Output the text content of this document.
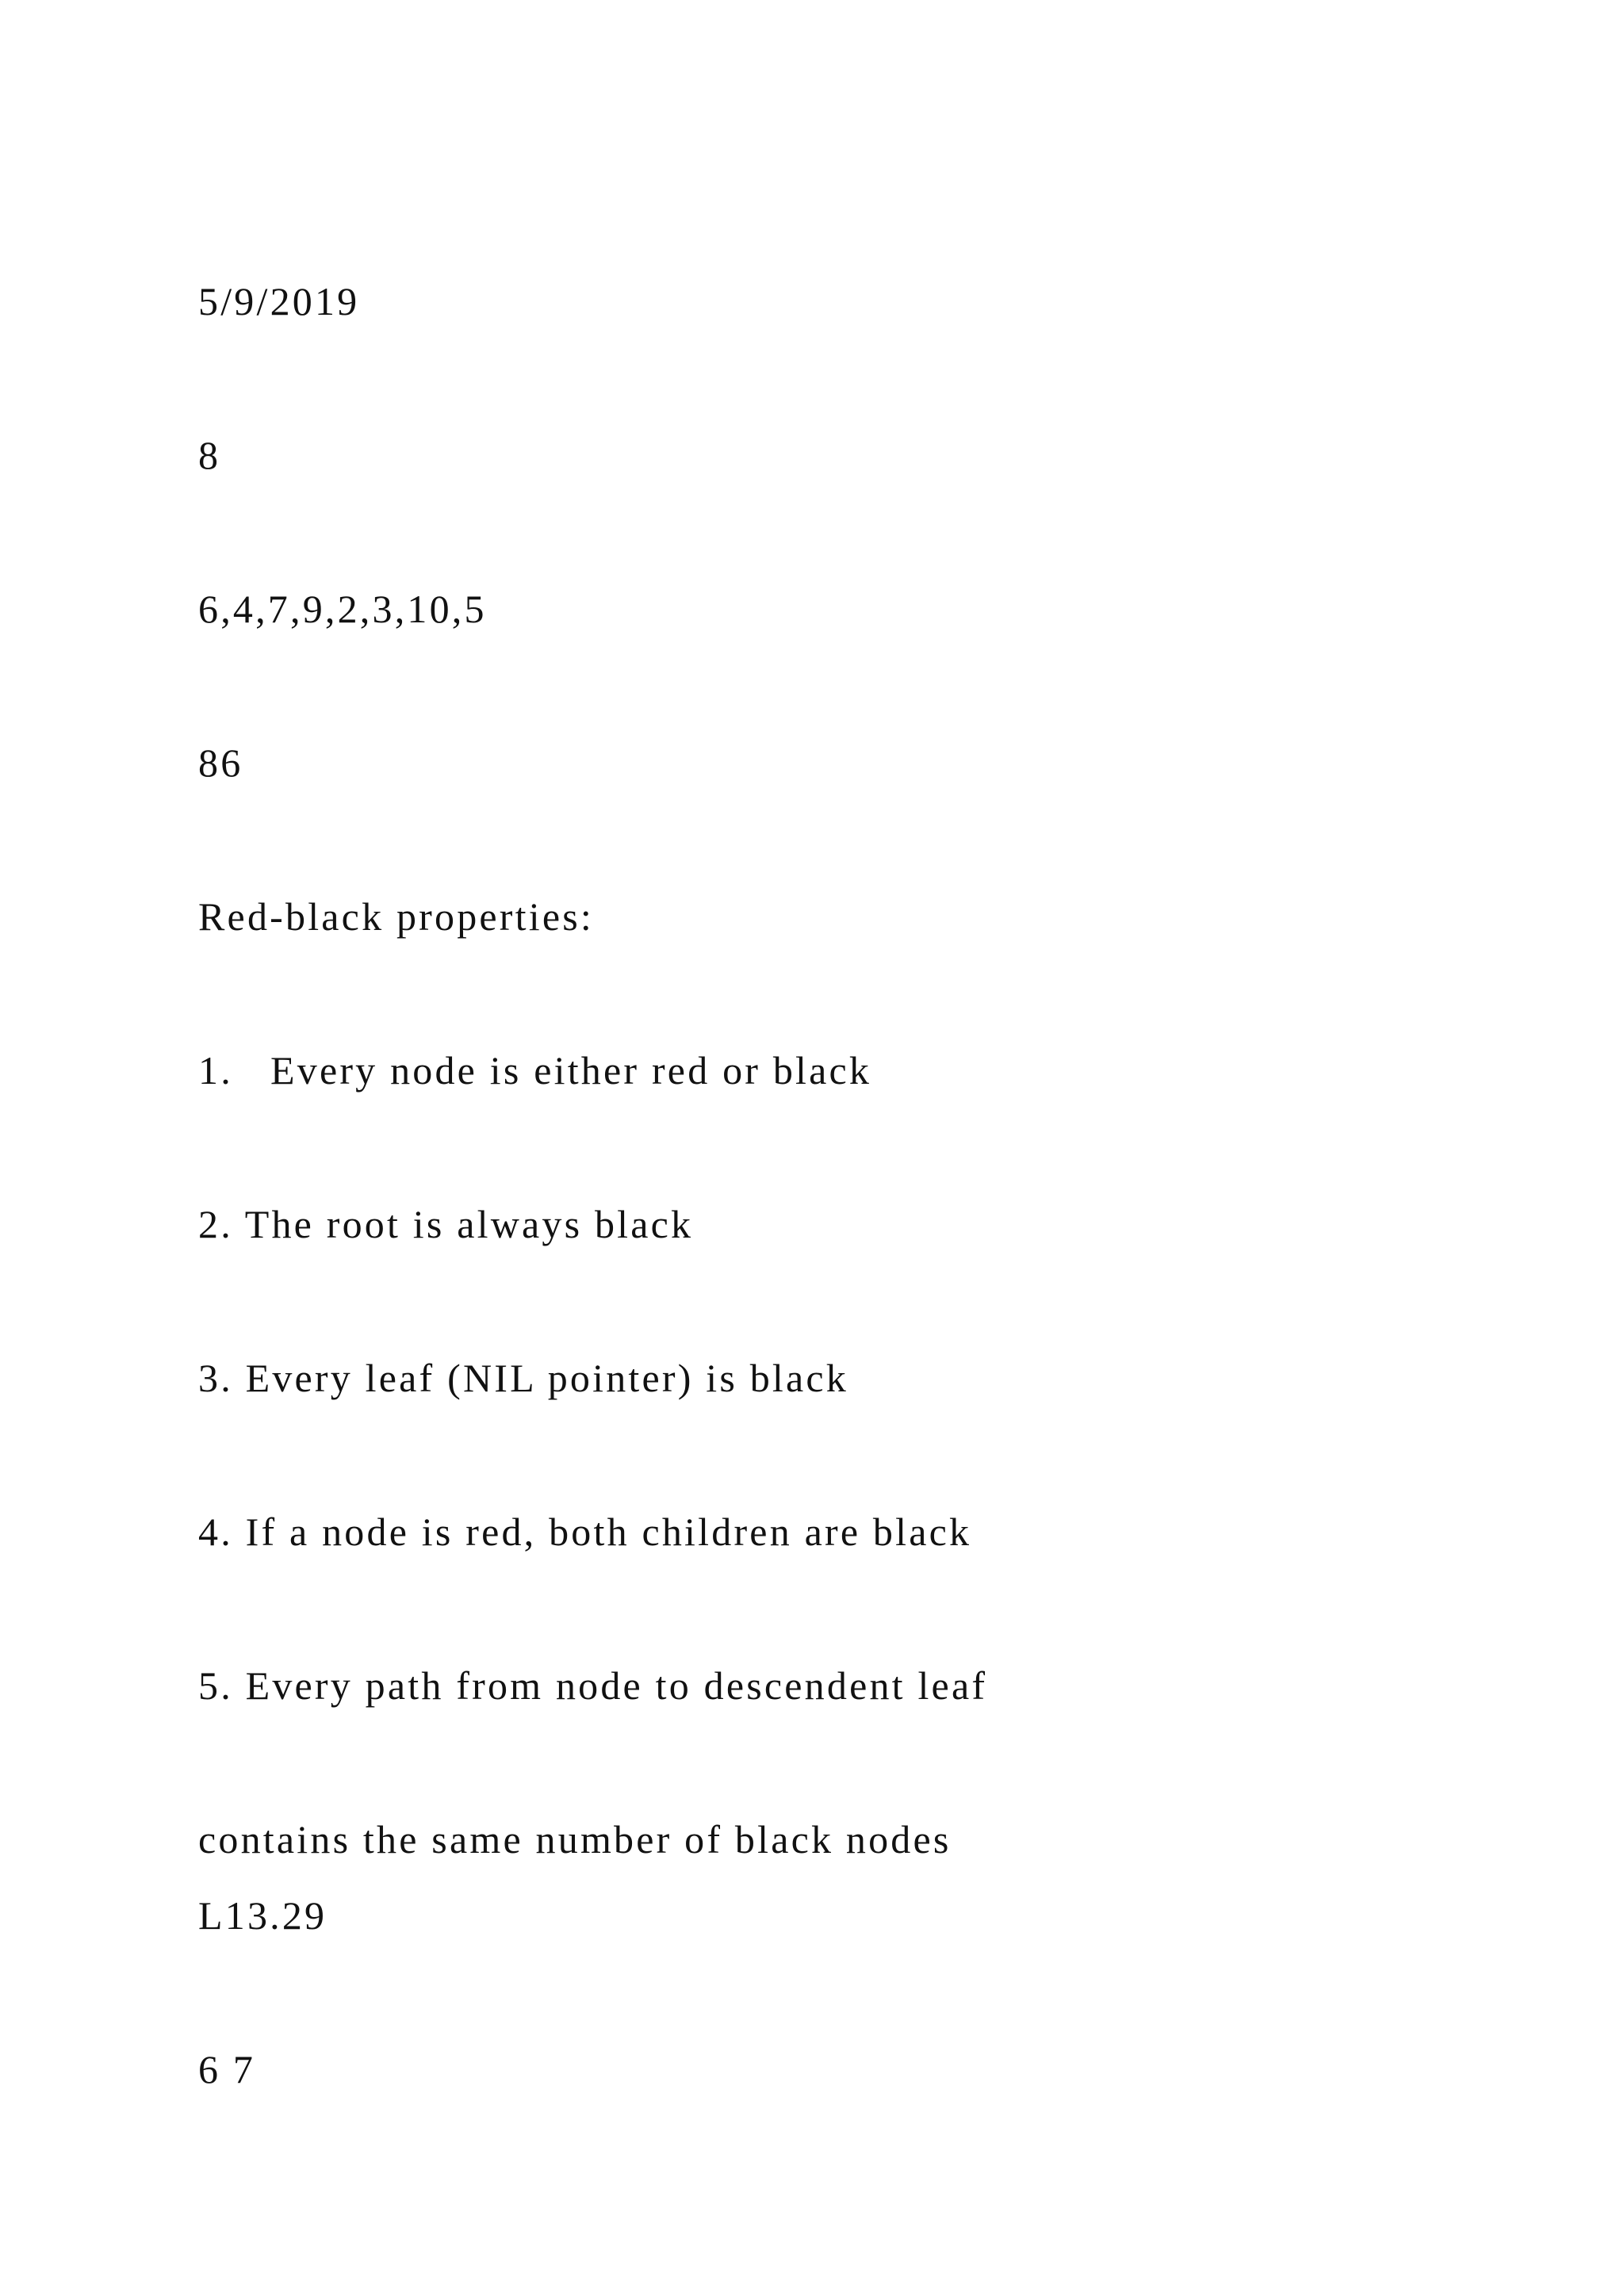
5/9/2019

8

6,4,7,9,2,3,10,5

86

Red-black properties:

1.   Every node is either red or black

2. The root is always black

3. Every leaf (NIL pointer) is black

4. If a node is red, both children are black

5. Every path from node to descendent leaf

contains the same number of black nodes

L13.29

6 7
